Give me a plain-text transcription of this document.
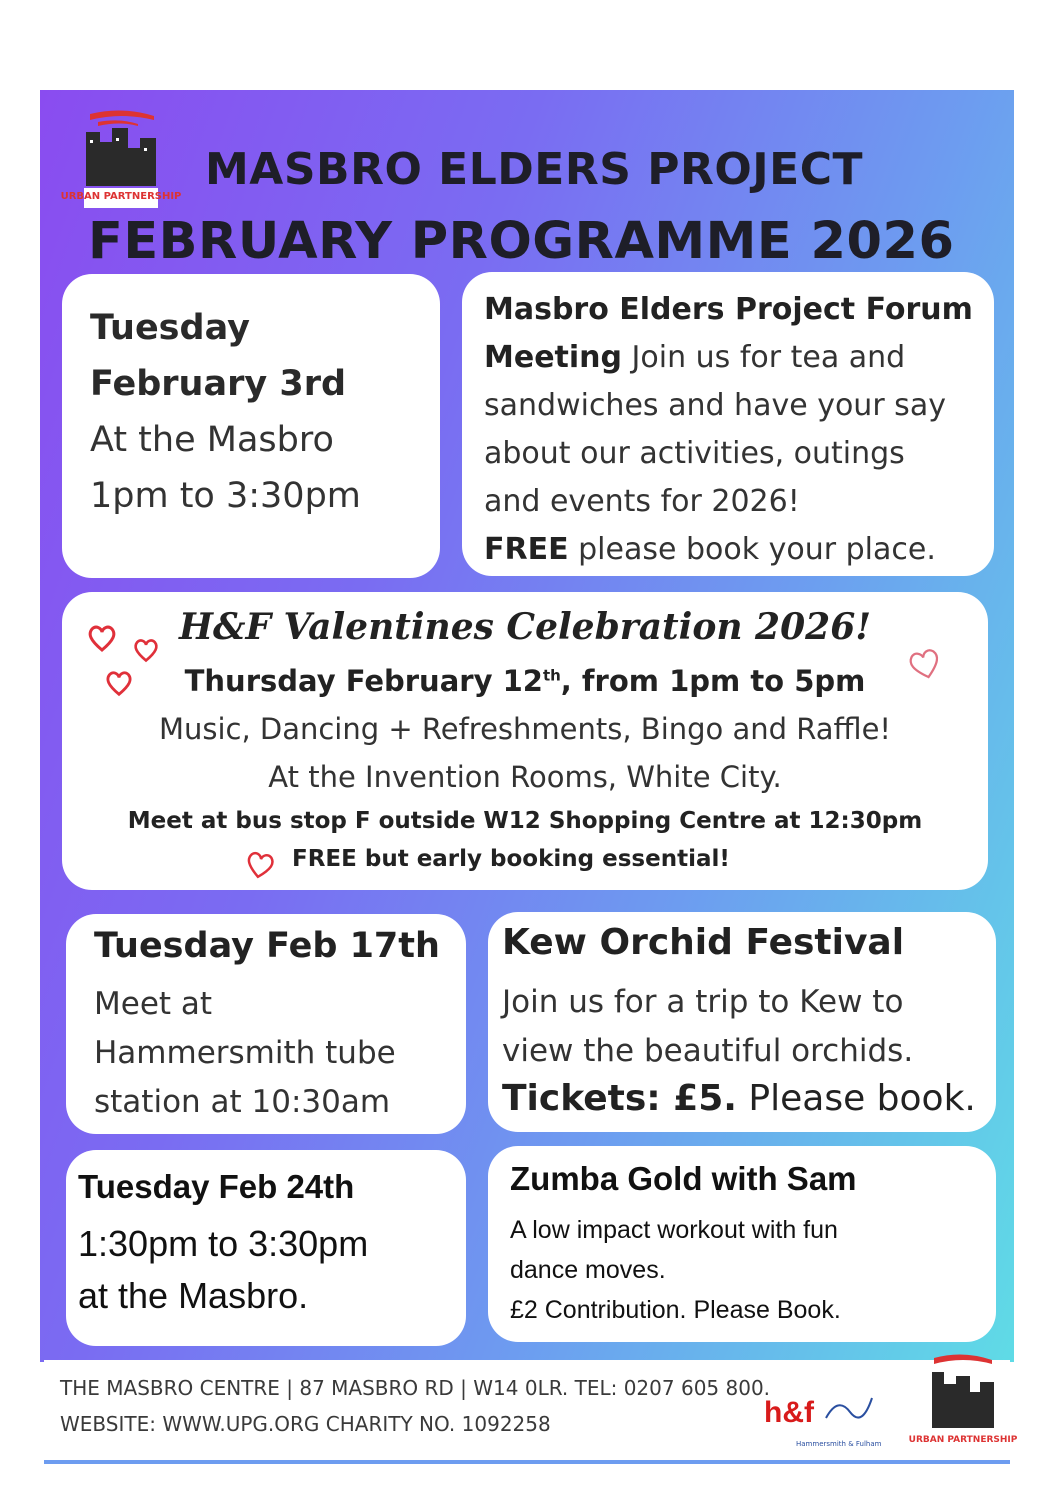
URBAN PARTNERSHIP
MASBRO ELDERS PROJECT
FEBRUARY PROGRAMME 2026
Tuesday
February 3rd
At the Masbro
1pm to 3:30pm
Masbro Elders Project Forum
Meeting Join us for tea and
sandwiches and have your say
about our activities, outings
and events for 2026!
FREE please book your place.
H&F Valentines Celebration 2026!
Thursday February 12th, from 1pm to 5pm
Music, Dancing + Refreshments, Bingo and Raffle!
At the Invention Rooms, White City.
Meet at bus stop F outside W12 Shopping Centre at 12:30pm
FREE but early booking essential!
Tuesday Feb 17th
Meet at
Hammersmith tube
station at 10:30am
Kew Orchid Festival
Join us for a trip to Kew to
view the beautiful orchids.
Tickets: £5. Please book.
Tuesday Feb 24th
1:30pm to 3:30pm
at the Masbro.
Zumba Gold with Sam
A low impact workout with fun
dance moves.
£2 Contribution. Please Book.
THE MASBRO CENTRE | 87 MASBRO RD | W14 0LR. TEL: 0207 605 800.
WEBSITE: WWW.UPG.ORG CHARITY NO. 1092258	h&f
Hammersmith & Fulham	URBAN PARTNERSHIP
